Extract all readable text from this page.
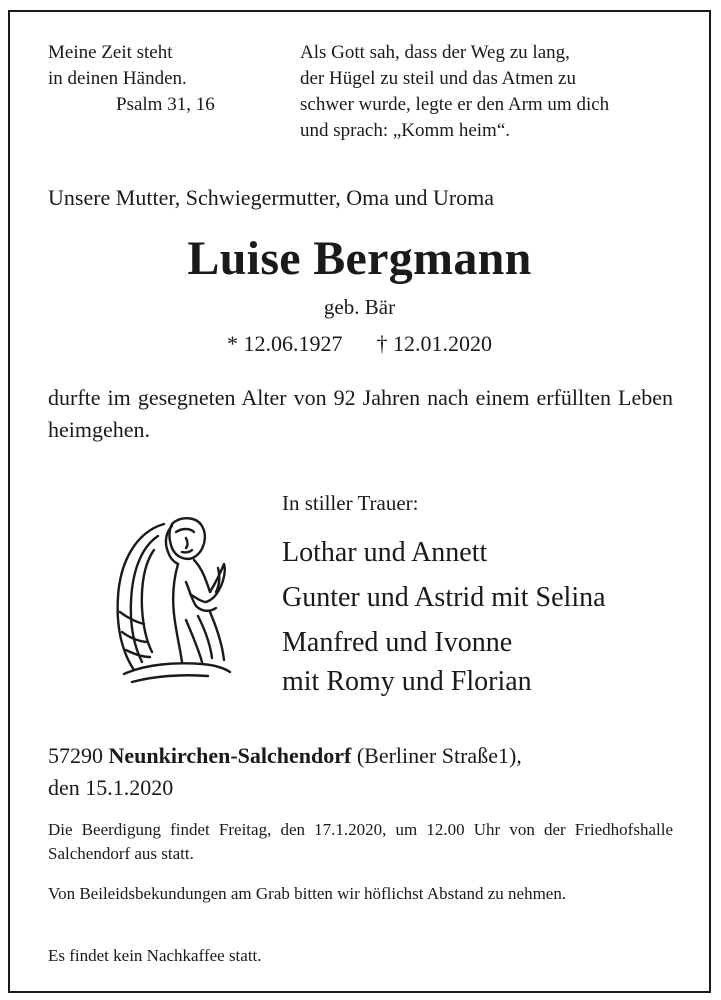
Meine Zeit steht
in deinen Händen.
Psalm 31, 16
Als Gott sah, dass der Weg zu lang,
der Hügel zu steil und das Atmen zu
schwer wurde, legte er den Arm um dich
und sprach: „Komm heim“.
Unsere Mutter, Schwiegermutter, Oma und Uroma
Luise Bergmann
geb. Bär
* 12.06.1927 † 12.01.2020
durfte im gesegneten Alter von 92 Jahren nach einem erfüllten Leben heimgehen.
In stiller Trauer:
Lothar und Annett
Gunter und Astrid mit Selina
Manfred und Ivonne
mit Romy und Florian
57290 Neunkirchen-Salchendorf (Berliner Straße1),
den 15.1.2020
Die Beerdigung findet Freitag, den 17.1.2020, um 12.00 Uhr von der Friedhofshalle Salchendorf aus statt.
Von Beileidsbekundungen am Grab bitten wir höflichst Abstand zu nehmen.
Es findet kein Nachkaffee statt.
